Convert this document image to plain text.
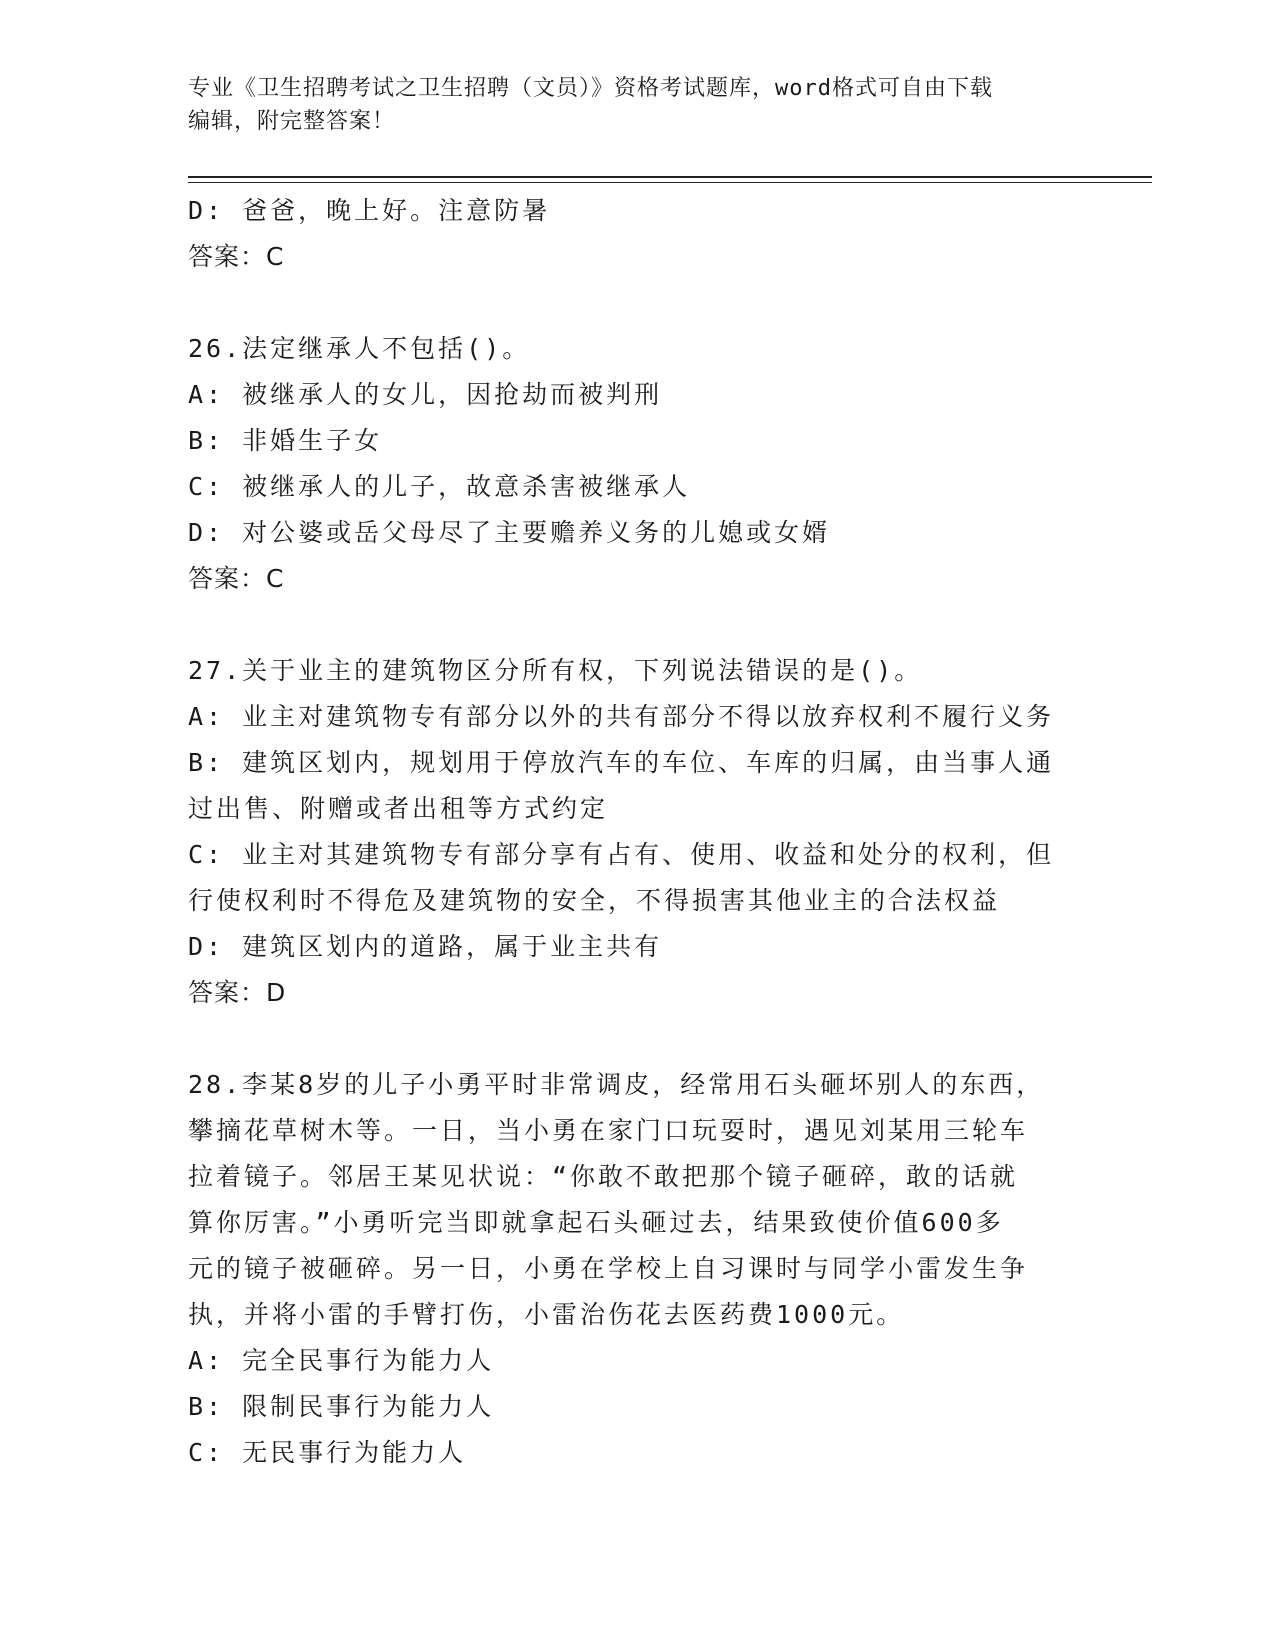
专业《卫生招聘考试之卫生招聘（文员）》资格考试题库，word格式可自由下载
编辑，附完整答案！
D: 爸爸，晚上好。注意防暑
答案：C
26.法定继承人不包括()。
A: 被继承人的女儿，因抢劫而被判刑
B: 非婚生子女
C: 被继承人的儿子，故意杀害被继承人
D: 对公婆或岳父母尽了主要赡养义务的儿媳或女婿
答案：C
27.关于业主的建筑物区分所有权，下列说法错误的是()。
A: 业主对建筑物专有部分以外的共有部分不得以放弃权利不履行义务
B: 建筑区划内，规划用于停放汽车的车位、车库的归属，由当事人通
过出售、附赠或者出租等方式约定
C: 业主对其建筑物专有部分享有占有、使用、收益和处分的权利，但
行使权利时不得危及建筑物的安全，不得损害其他业主的合法权益
D: 建筑区划内的道路，属于业主共有
答案：D
28.李某8岁的儿子小勇平时非常调皮，经常用石头砸坏别人的东西，
攀摘花草树木等。一日，当小勇在家门口玩耍时，遇见刘某用三轮车
拉着镜子。邻居王某见状说：“你敢不敢把那个镜子砸碎，敢的话就
算你厉害。”小勇听完当即就拿起石头砸过去，结果致使价值600多
元的镜子被砸碎。另一日，小勇在学校上自习课时与同学小雷发生争
执，并将小雷的手臂打伤，小雷治伤花去医药费1000元。
A: 完全民事行为能力人
B: 限制民事行为能力人
C: 无民事行为能力人
